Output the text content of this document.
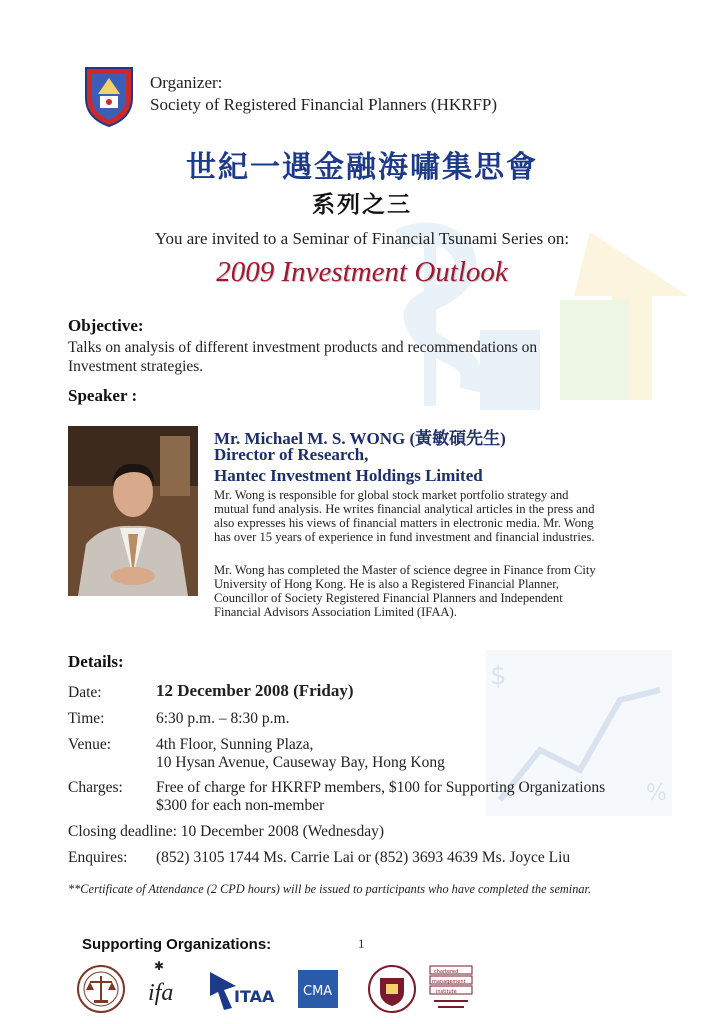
$
%
Organizer:
Society of Registered Financial Planners (HKRFP)
世紀一遇金融海嘯集思會
系列之三
You are invited to a Seminar of Financial Tsunami Series on:
2009 Investment Outlook
Objective:
Talks on analysis of different investment products and recommendations on
Investment strategies.
Speaker :
Mr. Michael M. S. WONG (黃敏碩先生)
Director of Research,
Hantec Investment Holdings Limited
Mr. Wong is responsible for global stock market portfolio strategy and
mutual fund analysis. He writes financial analytical articles in the press and
also expresses his views of financial matters in electronic media. Mr. Wong
has over 15 years of experience in fund investment and financial industries.
Mr. Wong has completed the Master of science degree in Finance from City
University of Hong Kong. He is also a Registered Financial Planner,
Councillor of Society Registered Financial Planners and Independent
Financial Advisors Association Limited (IFAA).
Details:
Date:	12 December 2008 (Friday)
Time:	6:30 p.m. – 8:30 p.m.
Venue:	4th Floor, Sunning Plaza,
10 Hysan Avenue, Causeway Bay, Hong Kong
Charges: Free of charge for HKRFP members, $100 for Supporting Organizations
$300 for each non-member
Closing deadline: 10 December 2008 (Wednesday)
Enquires: (852) 3105 1744 Ms. Carrie Lai or (852) 3693 4639 Ms. Joyce Liu
**Certificate of Attendance (2 CPD hours) will be issued to participants who have completed the seminar.
Supporting Organizations:	1
✱
ifa	ITAA CMA
chartered
management
institute
